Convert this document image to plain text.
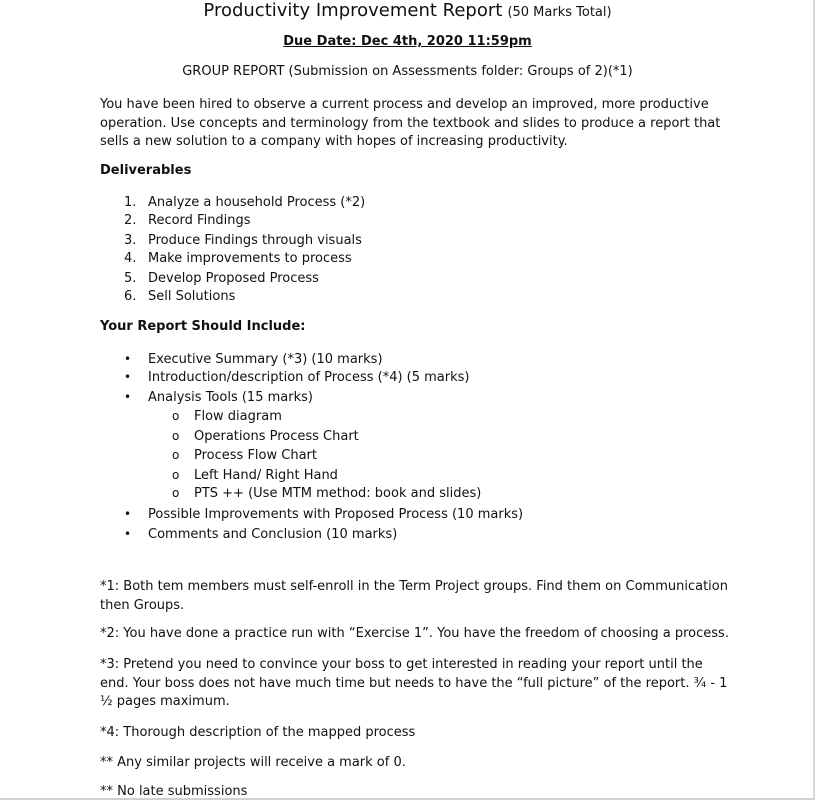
Productivity Improvement Report (50 Marks Total)
Due Date: Dec 4th, 2020 11:59pm
GROUP REPORT (Submission on Assessments folder: Groups of 2)(*1)
You have been hired to observe a current process and develop an improved, more productive operation. Use concepts and terminology from the textbook and slides to produce a report that sells a new solution to a company with hopes of increasing productivity.
Deliverables
1. Analyze a household Process (*2)
2. Record Findings
3. Produce Findings through visuals
4. Make improvements to process
5. Develop Proposed Process
6. Sell Solutions
Your Report Should Include:
• Executive Summary (*3) (10 marks)
• Introduction/description of Process (*4) (5 marks)
• Analysis Tools (15 marks)
o Flow diagram
o Operations Process Chart
o Process Flow Chart
o Left Hand/ Right Hand
o PTS ++ (Use MTM method: book and slides)
• Possible Improvements with Proposed Process (10 marks)
• Comments and Conclusion (10 marks)
*1: Both tem members must self-enroll in the Term Project groups. Find them on Communication then Groups.
*2: You have done a practice run with “Exercise 1”. You have the freedom of choosing a process.
*3: Pretend you need to convince your boss to get interested in reading your report until the end. Your boss does not have much time but needs to have the “full picture” of the report. ¾ - 1 ½ pages maximum.
*4: Thorough description of the mapped process
** Any similar projects will receive a mark of 0.
** No late submissions
